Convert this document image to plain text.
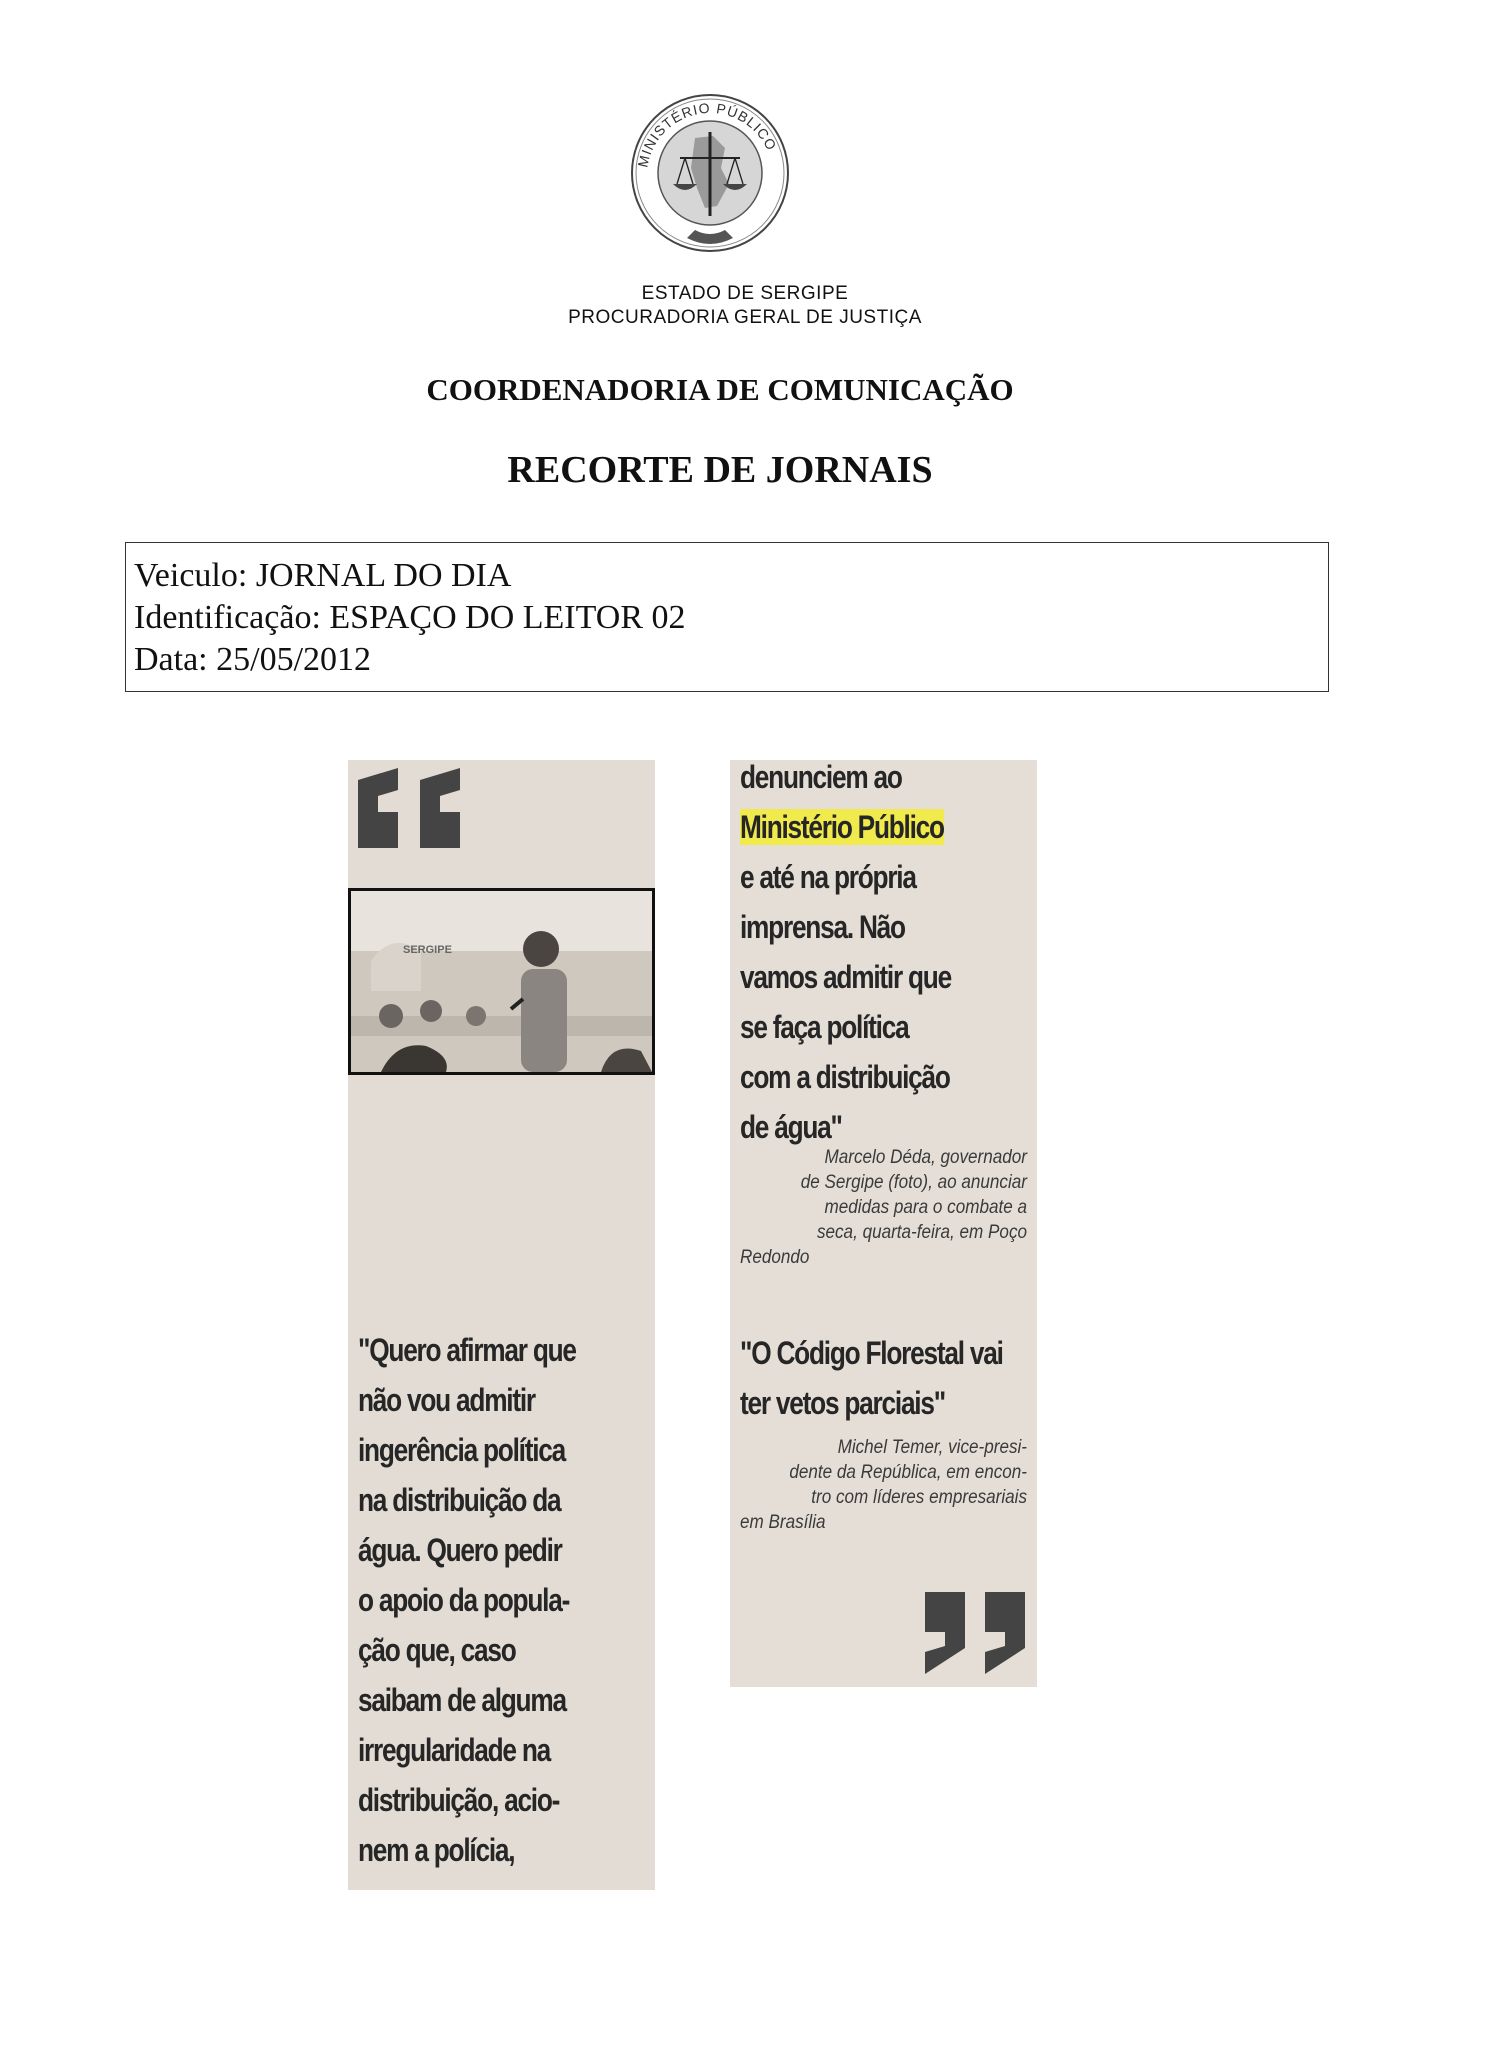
MINISTÉRIO PÚBLICO
ESTADO DE SERGIPE
PROCURADORIA GERAL DE JUSTIÇA
COORDENADORIA DE COMUNICAÇÃO
RECORTE DE JORNAIS
Veiculo: JORNAL DO DIA
Identificação: ESPAÇO DO LEITOR 02
Data: 25/05/2012
SERGIPE
"Quero afirmar que
não vou admitir
ingerência política
na distribuição da
água. Quero pedir
o apoio da popula-
ção que, caso
saibam de alguma
irregularidade na
distribuição, acio-
nem a polícia,
denunciem ao
Ministério Público
e até na própria
imprensa. Não
vamos admitir que
se faça política
com a distribuição
de água"
Marcelo Déda, governador
de Sergipe (foto), ao anunciar
medidas para o combate a
seca, quarta-feira, em Poço
Redondo
"O Código Florestal vai
ter vetos parciais"
Michel Temer, vice-presi-
dente da República, em encon-
tro com líderes empresariais
em Brasília
